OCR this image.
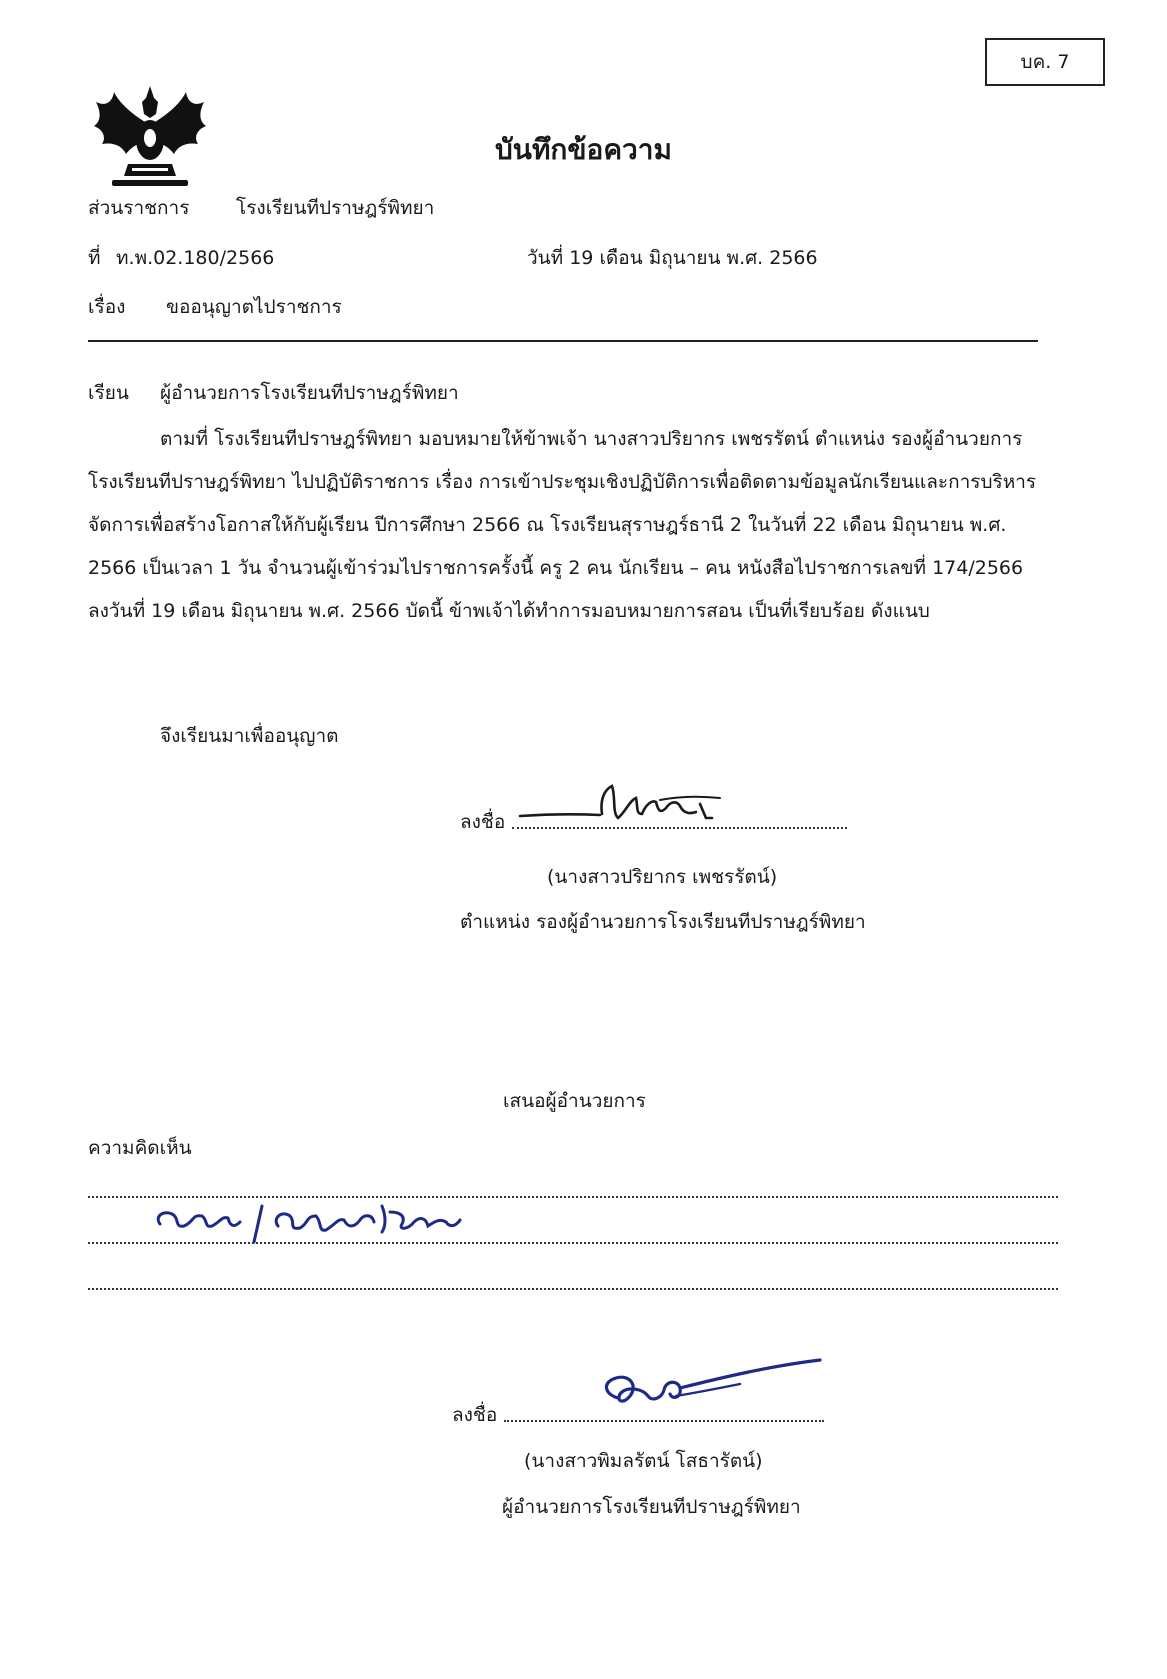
บค. 7
บันทึกข้อความ
ส่วนราชการ โรงเรียนทีปราษฎร์พิทยา
ที่ ท.พ.02.180/2566	วันที่ 19 เดือน มิถุนายน พ.ศ. 2566
เรื่อง ขออนุญาตไปราชการ
เรียน ผู้อำนวยการโรงเรียนทีปราษฎร์พิทยา
ตามที่ โรงเรียนทีปราษฎร์พิทยา มอบหมายให้ข้าพเจ้า นางสาวปริยากร เพชรรัตน์ ตำแหน่ง รองผู้อำนวยการโรงเรียนทีปราษฎร์พิทยา ไปปฏิบัติราชการ เรื่อง การเข้าประชุมเชิงปฏิบัติการเพื่อติดตามข้อมูลนักเรียนและการบริหารจัดการเพื่อสร้างโอกาสให้กับผู้เรียน ปีการศึกษา 2566 ณ โรงเรียนสุราษฎร์ธานี 2 ในวันที่ 22 เดือน มิถุนายน พ.ศ. 2566 เป็นเวลา 1 วัน จำนวนผู้เข้าร่วมไปราชการครั้งนี้ ครู 2 คน นักเรียน – คน หนังสือไปราชการเลขที่ 174/2566 ลงวันที่ 19 เดือน มิถุนายน พ.ศ. 2566 บัดนี้ ข้าพเจ้าได้ทำการมอบหมายการสอน เป็นที่เรียบร้อย ดังแนบ
จึงเรียนมาเพื่ออนุญาต
ลงชื่อ
(นางสาวปริยากร เพชรรัตน์)
ตำแหน่ง รองผู้อำนวยการโรงเรียนทีปราษฎร์พิทยา
เสนอผู้อำนวยการ
ความคิดเห็น
ลงชื่อ
(นางสาวพิมลรัตน์ โสธารัตน์)
ผู้อำนวยการโรงเรียนทีปราษฎร์พิทยา
